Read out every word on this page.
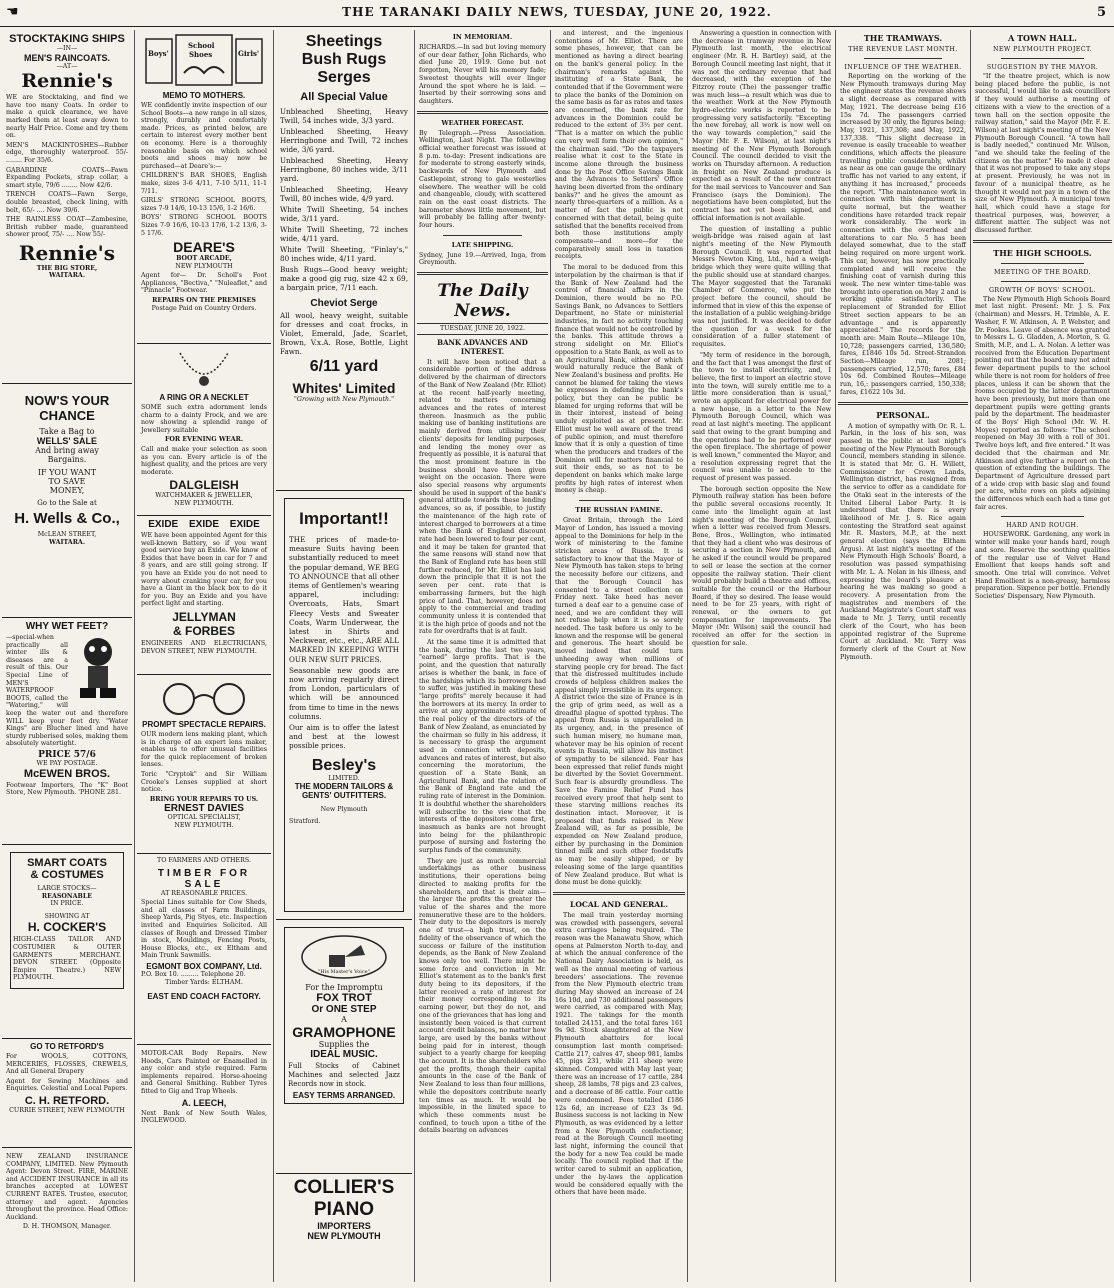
☚	THE TARANAKI DAILY NEWS, TUESDAY, JUNE 20, 1922.	5
STOCKTAKING SHIPS
—IN—
MEN'S RAINCOATS.
—AT—
Rennie's

WE are Stocktaking, and find we have too many Coats. In order to make a quick clearance, we have marked them at least away down to nearly Half Price. Come and try them on.

MEN'S MACKINTOSHES—Rubber edge, thoroughly waterproof. 55/- ........ For 35/6.

GABARDINE COATS—Fawn Expanding Pockets, strap collar, a smart style, 79/6 ........ Now 42/6.

TRENCH COATS—Fawn Serge, double breasted, check lining, with belt, 65/- .... Now 39/6.

THE RAINLESS COAT—Zambesine, British rubber made, guaranteed shower proof, 75/- .... Now 55/-

Rennie's
THE BIG STORE,
WAITARA.
NOW'S YOUR
CHANCE
Take a Bag to
WELLS' SALE
And bring away
Bargains.
IF YOU WANT
TO SAVE
MONEY,
Go to the Sale at
H. Wells & Co.,
McLEAN STREET,
WAITARA.
WHY WET FEET?

—special-when practically all winter ills & diseases are a result of this. Our Special Line of MEN'S WATERPROOF BOOTS, called the "Watering," will keep the water out and therefore WILL keep your feet dry. "Water Kings" are Blucher lined and have sturdy rubberised soles, making them absolutely watertight.

PRICE 57/6
WE PAY POSTAGE.
McEWEN BROS.

Footwear Importers, The "K" Boot Store, New Plymouth. 'PHONE 281.

SMART COATS
& COSTUMES
LARGE STOCKS—
REASONABLE
IN PRICE.
SHOWING AT
H. COCKER'S

HIGH-CLASS TAILOR AND COSTUMIER & OUTER GARMENTS MERCHANT. DEVON STREET. (Opposite Empire Theatre.) NEW PLYMOUTH.

GO TO RETFORD'S

For WOOLS, COTTONS, MERCERIES, FLOSSES, CREWELS, And all General Drapery

Agent for Sewing Machines and Enquiries. Celestial and Local Papers.

C. H. RETFORD.
CURRIE STREET, NEW PLYMOUTH

NEW ZEALAND INSURANCE COMPANY, LIMITED. New Plymouth Agent: Devon Street. FIRE, MARINE and ACCIDENT INSURANCE in all its branches accepted at LOWEST CURRENT RATES. Trustee, executor, attorney and agent. Agencies throughout the province. Head Office: Auckland.

D. H. THOMSON, Manager.
Boys'
School
Shoes	Girls'
MEMO TO MOTHERS.

WE confidently invite inspection of our School Boots—a new range in all sizes, strongly, durably and comfortably made. Prices, as printed below, are certain to interest every mother bent on economy. Here is a thoroughly reasonable basis on which school boots and shoes may now be purchased—at Deare's:—

CHILDREN'S BAR SHOES, English make, sizes 3-6 4/11, 7-10 5/11, 11-1 7/11.

GIRLS' STRONG SCHOOL BOOTS, sizes 7-9 14/6, 10-13 15/6, 1-2 16/6.

BOYS' STRONG SCHOOL BOOTS Sizes 7-9 16/6, 10-13 17/6, 1-2 13/6, 3-5 17/6.

DEARE'S
BOOT ARCADE,
NEW PLYMOUTH

Agent for— Dr. Scholl's Foot Appliances, "Bectiva," "Nuleaflet," and "Pinnacle" Footwear.

REPAIRS ON THE PREMISES
Postage Paid on Country Orders.
A RING OR A NECKLET

SOME such extra adornment lends charm to a dainty Frock, and we are now showing a splendid range of Jewellery suitable

FOR EVENING WEAR.

Call and make your selection as soon as you can. Every article is of the highest quality, and the prices are very moderate.

DALGLEISH
WATCHMAKER & JEWELLER,
NEW PLYMOUTH.
EXIDE EXIDE EXIDE

WE have been appointed Agent for this well-known Battery, so if you want good service buy an Exide. We know of Exides that have been in car for 7 and 8 years, and are still going strong. If you have an Exide you do not need to worry about cranking your car, for you have a Giant in the black box to do it for you. Buy an Exide and you have perfect light and starting.

JELLYMAN
& FORBES

ENGINEERS AND ELECTRICIANS, DEVON STREET, NEW PLYMOUTH.

PROMPT SPECTACLE REPAIRS.

OUR modern lens making plant, which is in charge of an expert lens maker, enables us to offer unusual facilities for the quick replacement of broken lenses.

Toric "Cryptok" and Sir William Crooke's Lenses supplied at short notice.

BRING YOUR REPAIRS TO US.
ERNEST DAVIES
OPTICAL SPECIALIST,
NEW PLYMOUTH.
TO FARMERS AND OTHERS.
TIMBER FOR SALE
AT REASONABLE PRICES.

Special Lines suitable for Cow Sheds, and all classes of Farm Buildings, Sheep Yards, Pig Styes, etc. Inspection invited and Enquiries Solicited. All classes of Rough and Dressed Timber in stock, Mouldings, Fencing Posts, House Blocks, etc., ex Eltham and Main Trunk Sawmills.

EGMONT BOX COMPANY, Ltd.
P.O. Box 10. ......... Telephone 20.
Timber Yards: ELTHAM.
EAST END COACH FACTORY.

MOTOR-CAR Body Repairs. New Hoods, Cars Painted or Enamelled in any color and style required. Farm implements repaired. Horse-shoeing and General Smithing. Rubber Tyres fitted to Gig and Trap Wheels.

A. LEECH,

Next Bank of New South Wales, INGLEWOOD.

Sheetings
Bush Rugs
Serges
All Special Value

Unbleached Sheeting, Heavy Twill, 54 inches wide, 3/3 yard.

Unbleached Sheeting, Heavy Herringbone and Twill, 72 inches wide, 3/6 yard.

Unbleached Sheeting, Heavy Herringbone, 80 inches wide, 3/11 yard.

Unbleached Sheeting, Heavy Twill, 80 inches wide, 4/9 yard.

White Twill Sheeting, 54 inches wide, 3/11 yard.

White Twill Sheeting, 72 inches wide, 4/11 yard.

White Twill Sheeting, "Finlay's," 80 inches wide, 4/11 yard.

Bush Rugs—Good heavy weight; make a good gig rug, size 42 x 69, a bargain price, 7/11 each.

Cheviot Serge

All wool, heavy weight, suitable for dresses and coat frocks, in Violet, Emerald, Jade, Scarlet, Brown, V.x.A. Rose, Bottle, Light Fawn.

6/11 yard
Whites' Limited
"Growing with New Plymouth."
Important!!

THE prices of made-to-measure Suits having been substantially reduced to meet the popular demand, WE BEG TO ANNOUNCE that all other items of Gentlemen's wearing apparel, including: Overcoats, Hats, Smart Fleecy Vests and Sweater Coats, Warm Underwear, the latest in Shirts and Neckwear, etc., etc., ARE ALL MARKED IN KEEPING WITH OUR NEW SUIT PRICES.

Seasonable new goods are now arriving regularly direct from London, particulars of which will be announced from time to time in the news columns.

Our aim is to offer the latest and best at the lowest possible prices.

Besley's
LIMITED.
THE MODERN TAILORS & GENTS' OUTFITTERS.
New Plymouth
Stratford.
"His Master's Voice"
For the Impromptu
FOX TROT
Or ONE STEP
A
GRAMOPHONE
Supplies the
IDEAL MUSIC.

Full Stocks of Cabinet Machines and selected Jazz Records now in stock.

EASY TERMS ARRANGED.
COLLIER'S
PIANO
IMPORTERS
NEW PLYMOUTH
IN MEMORIAM.
RICHARDS.—In sad but loving memory of our dear father, John Richards, who died June 20, 1919. Gone but not forgotten, Never will his memory fade; Sweetest thoughts will ever linger Around the spot where he is laid. —Inserted by their sorrowing sons and daughters.
WEATHER FORECAST.
By Telegraph.—Press Association. Wellington, Last Night. The following official weather forecast was issued at 8 p.m. to-day: Present indications are for moderate to strong easterly winds, backwards of New Plymouth and Castlepoint, strong to gale westerlies elsewhere. The weather will be cold and changeable, cloudy, with scattered rain on the east coast districts. The barometer shows little movement, but will probably be falling after twenty-four hours.
LATE SHIPPING.
Sydney, June 19.—Arrived, Inga, from Greymouth.
The Daily News.
TUESDAY, JUNE 20, 1922.
BANK ADVANCES AND INTEREST.

It will have been noticed that a considerable portion of the address delivered by the chairman of directors of the Bank of New Zealand (Mr. Elliot) at the recent half-yearly meeting, related to matters concerning advances and the rates of interest thereon. Inasmuch as the public making use of banking institutions are mainly derived from utilising their clients' deposits for lending purposes, and lending the money over as frequently as possible, it is natural that the most prominent feature in the business should have been given weight on the occasion. There were also special reasons why arguments should be used in support of the bank's general attitude towards these lending advances, so as, if possible, to justify the maintenance of the high rate of interest charged to borrowers at a time when the Bank of England discount rate had been lowered to four per cent, and it may be taken for granted that the same reasons will stand now that the Bank of England rate has been still further reduced, for Mr. Elliot has laid down the principle that it is not the seven per cent. rate that is embarrassing farmers, but the high price of land. That, however, does not apply to the commercial and trading community unless it is contended that it is the high price of goods and not the rate for overdrafts that is at fault.

At the same time it is admitted that the bank, during the last two years, "earned" large profits. That is the point, and the question that naturally arises is whether the bank, in face of the hardships which its borrowers had to suffer, was justified in making these "large profits" merely because it had the borrowers at its mercy. In order to arrive at any approximate estimate of the real policy of the directors of the Bank of New Zealand, as enunciated by the chairman so fully in his address, it is necessary to grasp the argument used in connection with deposits, advances and rates of interest, but also concerning the moratorium, the question of a State Bank, an Agricultural Bank, and the relation of the Bank of England rate and the ruling rate of interest in the Dominion. It is doubtful whether the shareholders will subscribe to the view that the interests of the depositors come first, inasmuch as banks are not brought into being for the philanthropic purpose of nursing and fostering the surplus funds of the community.

They are just as much commercial undertakings as other business institutions, their operations being directed to making profits for the shareholders, and that is their aim—the larger the profits the greater the value of the shares and the more remunerative these are to the holders. Their duty to the depositors is merely one of trust—a high trust, on the fidelity of the observance of which the success or failure of the institution depends, as the Bank of New Zealand knows only too well. There might be some force and conviction in Mr. Elliot's statement as to the bank's first duty being to its depositors, if the latter received a rate of interest for their money corresponding to its earning power, but they do not, and one of the grievances that has long and insistently been voiced is that current account credit balances, no matter how large, are used by the banks without being paid for in interest, though subject to a yearly charge for keeping the account. It is the shareholders who get the profits, though their capital amounts in the case of the Bank of New Zealand to less than four millions, while the depositors contribute nearly ten times as much. It would be impossible, in the limited space to which these comments must be confined, to touch upon a tithe of the details bearing on advances

and interest, and the ingenious contentions of Mr. Elliot. There are some phases, however, that can be mentioned as having a direct bearing on the bank's general policy. In the chairman's remarks against the instituting of a State Bank, he contended that if the Government were to place the banks of the Dominion on the same basis as far as rates and taxes are concerned, the bank rate for advances in the Dominion could be reduced to the extent of 3½ per cent. "That is a matter on which the public can very well form their own opinion," the chairman said. "Do the taxpayers realise what it cost to the State in income alone through the business done by the Post Office Savings Bank and the Advances to Settlers' Office having been diverted from the ordinary banks?" and he gives the amount as nearly three-quarters of a million. As a matter of fact the public is not concerned with that detail, being quite satisfied that the benefits received from both those institutions amply compensate—and more—for the comparatively small loss in taxation receipts.

The moral to be deduced from this interpolation by the chairman is that if the Bank of New Zealand had the control of financial affairs in the Dominion, there would be no P.O. Savings Bank, no Advances to Settlers Department, no State or ministerial industries, in fact no activity touching finance that would not be controlled by the banks. This attitude throws a strong sidelight on Mr. Elliot's opposition to a State Bank, as well as to an Agricultural Bank, either of which would naturally reduce the Bank of New Zealand's business and profits. He cannot be blamed for taking the views he expresses in defending the bank's policy, but they can be public be blamed for urging reforms that will be in their interest, instead of being unduly exploited as at present. Mr. Elliot must be well aware of the trend of public opinion, and must therefore know that it is only a question of time when the producers and traders of the Dominion will for matters financial to suit their ends, so as not to be dependent on banks which make large profits by high rates of interest when money is cheap.

THE RUSSIAN FAMINE.

Great Britain, through the Lord Mayor of London, has issued a moving appeal to the Dominions for help in the work of ministering to the famine stricken areas of Russia. It is satisfactory to know that the Mayor of New Plymouth has taken steps to bring the necessity before our citizens, and that the Borough Council has consented to a street collection on Friday next. Take heed has never turned a deaf ear to a genuine case of need, and we are confident they will not refuse help when it is so sorely needed. The task before us only to be known and the response will be general and generous. The heart should be moved indeed that could turn unheeding away when millions of starving people cry for bread. The fact that the distressed multitudes include crowds of helpless children makes the appeal simply irresistible in its urgency. A district twice the size of France is in the grip of grim need, as well as a dreadful plague of spotted typhus. The appeal from Russia is unparalleled in its urgency, and, in the presence of such human misery, no humane man, whatever may be his opinion of recent events in Russia, will allow his instinct of sympathy to be silenced. Fear has been expressed that relief funds might be diverted by the Soviet Government. Such fear is absurdly groundless. The Save the Famine Relief Fund has received every proof that help sent to these starving millions reaches its destination intact. Moreover, it is proposed that funds raised in New Zealand will, as far as possible, be expended on New Zealand produce, either by purchasing in the Dominion tinned milk and such other foodstuffs as may be easily shipped, or by releasing some of the large quantities of New Zealand produce. But what is done must be done quickly.

LOCAL AND GENERAL.

The mail train yesterday morning was crowded with passengers, several extra carriages being required. The reason was the Manawatu Show, which opens at Palmerston North to-day, and at which the annual conference of the National Dairy Association is held, as well as the annual meeting of various breeders' associations. The revenue from the New Plymouth electric tram during May showed an increase of 24 16s 10d, and 730 additional passengers were carried, as compared with May, 1921. The takings for the month totalled 24151, and the total fares 161 9s 9d. Stock slaughtered at the New Plymouth abattoirs for local consumption last month comprised: Cattle 217, calves 47, sheep 981, lambs 45, pigs 231, while 211 sheep were skinned. Compared with May last year, there was an increase of 17 cattle, 284 sheep, 28 lambs, 78 pigs and 23 calves, and a decrease of 86 cattle. Four cattle were condemned. Fees totalled £186 12s 6d, an increase of £23 3s 9d. Business success is not lacking in New Plymouth, as was evidenced by a letter from a New Plymouth confectioner, read at the Borough Council meeting last night, informing the council that the body for a new Tea could be made locally. The council replied that if the writer cared to submit an application, under the by-laws the application would be considered equally with the others that have been made.

Answering a question in connection with the decrease in tramway revenue in New Plymouth last month, the electrical engineer (Mr. R. H. Bartley) said, at the Borough Council meeting last night, that it was not the ordinary revenue that had decreased, with the exception of the Fitzroy route (The) the passenger traffic was much less—a result which was due to the weather. Work at the New Plymouth hydro-electric works is reported to be progressing very satisfactorily. "Excepting the new forebay, all work is now well on the way towards completion," said the Mayor (Mr. F. E. Wilson), at last night's meeting of the New Plymouth Borough Council. The council decided to visit the works on Thursday afternoon. A reduction in freight on New Zealand produce is expected as a result of the new contract for the mail services to Vancouver and San Francisco (says the Dominion). The negotiations have been completed, but the contract has not yet been signed, and official information is not available.

The question of installing a public weigh-bridge was raised again at last night's meeting of the New Plymouth Borough Council. It was reported that Messrs Newton King, Ltd., had a weigh-bridge which they were quite willing that the public should use at standard charges. The Mayor suggested that the Taranaki Chamber of Commerce, who put the project before the council, should be informed that in view of this the expense of the installation of a public weighing-bridge was not justified. It was decided to defer the question for a week for the consideration of a fuller statement of requisites.

"My term of residence in the borough, and the fact that I was amongst the first of the town to install electricity, and, I believe, the first to import an electric stove into the town, will surely entitle me to a little more consideration than is usual," wrote an applicant for electrical power for a new house, in a letter to the New Plymouth Borough Council, which was read at last night's meeting. The applicant said that owing to the grant bumping and the operations had to be performed over the open fireplace. The shortage of power is well known," commented the Mayor, and a resolution expressing regret that the council was unable to accede to the request of present was passed.

The borough section opposite the New Plymouth railway station has been before the public several occasions recently. It came into the limelight again at last night's meeting of the Borough Council, when a letter was received from Messrs. Bone, Bros., Wellington, who intimated that they had a client who was desirous of securing a section in New Plymouth, and he asked if the council would be prepared to sell or lease the section at the corner opposite the railway station. Their client would probably build a theatre and offices, suitable for the council or the Harbour Board, if they so desired. The lease would need to be for 25 years, with right of renewal, or the owners to get compensation for improvements. The Mayor (Mr. Wilson) said the council had received an offer for the section in question for sale.

THE TRAMWAYS.
THE REVENUE LAST MONTH.
INFLUENCE OF THE WEATHER.

Reporting on the working of the New Plymouth tramways during May the engineer states the revenue shows a slight decrease as compared with May, 1921. The decrease being £16 15s 7d. The passengers carried increased by 30 only, the figures being: May, 1921, 137,308; and May, 1922, 137,338. "This slight decrease in revenue is easily traceable to weather conditions, which affects the pleasure travelling public considerably, whilst as near as one can gauge the ordinary traffic has not varied to any extent, if anything it has increased," proceeds the report. "The maintenance work in connection with this department is quite normal, but the weather conditions have retarded track repair work considerably. The work in connection with the overhead and alterations to car No. 5 has been delayed somewhat, due to the staff being required on more urgent work. This car, however, has now practically completed and will receive the finishing coat of varnish during this week. The new winter time-table was brought into operation on May 2 and is working quite satisfactorily. The replacement of Stranded for Elliot Street section appears to be an advantage and is apparently appreciated." The records for the month are: Main Route—Mileage 10n, 10,728; passengers carried, 136,580; fares, £1846 10s 5d. Street-Strandon Section—Mileage run, 2081; passengers carried, 12,570; fares, £84 10s 6d. Combined Routes—Mileage run, 16,: passengers carried, 150,338; fares, £1622 10s 3d.

PERSONAL.

A motion of sympathy with Or. R. L. Parkin, in the loss of his son, was passed in the public at last night's meeting of the New Plymouth Borough Council, members standing in silence. It is stated that Mr. G. H. Willett, Commissioner for Crown Lands, Wellington district, has resigned from the service to offer as a candidate for the Otaki seat in the interests of the United Liberal Labor Party. It is understood that there is every likelihood of Mr. J. S. Rice again contesting the Stratford seat against Mr. R. Masters, M.P., at the next general election (says the Eltham Argus). At last night's meeting of the New Plymouth High Schools' Board, a resolution was passed sympathising with Mr. L. A. Nolan in his illness, and expressing the board's pleasure at hearing he was making so good a recovery. A presentation from the magistrates and members of the Auckland Magistrate's Court staff was made to Mr. J. Terry, until recently clerk of the Court, who has been appointed registrar of the Supreme Court at Auckland. Mr. Terry was formerly clerk of the Court at New Plymouth.

A TOWN HALL.
NEW PLYMOUTH PROJECT.
SUGGESTION BY THE MAYOR.

"If the theatre project, which is now being placed before the public, is not successful, I would like to ask councillors if they would authorise a meeting of citizens with a view to the erection of a town hall on the section opposite the railway station," said the Mayor (Mr. F. E. Wilson) at last night's meeting of the New Plymouth Borough Council. "A town hall is badly needed," continued Mr. Wilson, "and we should take the feeling of the citizens on the matter." He made it clear that it was not proposed to take any steps at present. Previously, he was not in favour of a municipal theatre, as he thought it would not pay in a town of the size of New Plymouth. A municipal town hall, which could have a stage for theatrical purposes, was, however, a different matter. The subject was not discussed further.

THE HIGH SCHOOLS.
MEETING OF THE BOARD.
GROWTH OF BOYS' SCHOOL.

The New Plymouth High Schools Board met last night. Present: Mr. J. S. Fox (chairman) and Messrs. H. Trimble, A. E. Washer, F. W. Atkinson, A. P. Webster, and Dr. Fookes. Leave of absence was granted to Messrs L. G. Gladden, A. Morton, S. G. Smith, M.P., and L. A. Nolan. A letter was received from the Education Department pointing out that the board may not admit fewer department pupils to the school while there is not room for holders of free places, unless it can be shown that the rooms occupied by the latter department have been previously, but more than one department pupils were getting grants paid by the department. The headmaster of the Boys' High School (Mr. W. H. Moyes) reported as follows: "The school reopened on May 30 with a roll of 301. Twelve boys left, and five entered." It was decided that the chairman and Mr. Atkinson and give further a report on the question of extending the buildings. The Department of Agriculture dressed part of a wide crop with basic slag and found per acre, white rows on plots adjoining the differences which each had a time got fair acres.

HARD AND ROUGH.

HOUSEWORK. Gardening, any work in winter will make your hands hard, rough and sore. Reserve the soothing qualities of the regular use of Velvet Hand Emollient that keeps hands soft and smooth. One trial will convince. Velvet Hand Emollient is a non-greasy, harmless preparation. Sixpence per bottle. Friendly Societies' Dispensary, New Plymouth.
